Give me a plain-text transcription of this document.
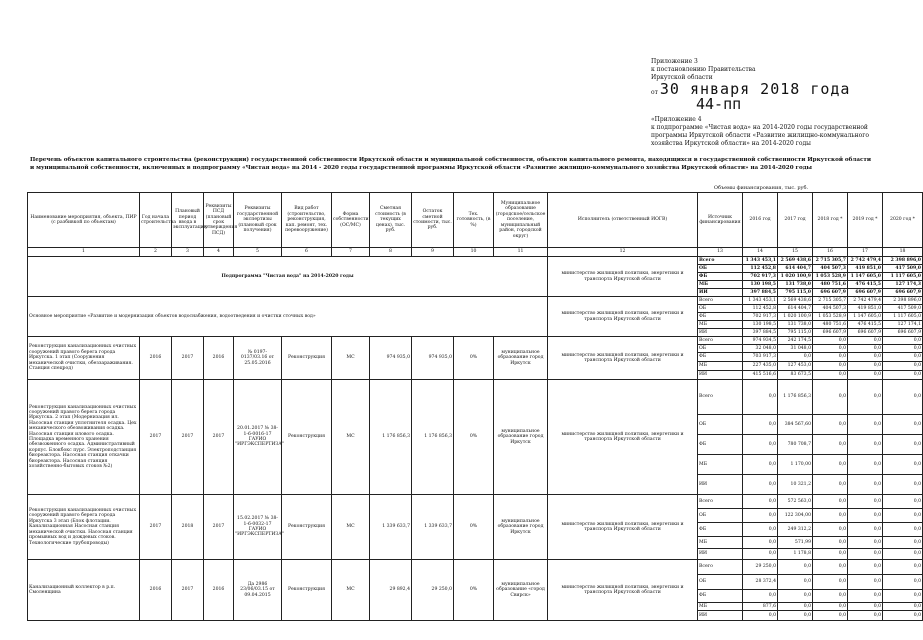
Приложение 3
к постановлению Правительства
Иркутской области
от 30 января 2018 года
44-пп
«Приложение 4
к подпрограмме «Чистая вода» на 2014-2020 годы государственной программы Иркутской области «Развитие жилищно-коммунального хозяйства Иркутской области» на 2014-2020 годы
Перечень объектов капитального строительства (реконструкции) государственной собственности Иркутской области и муниципальной собственности, объектов капитального ремонта, находящихся в государственной собственности Иркутской области и муниципальной собственности, включенных в подпрограмму «Чистая вода» на 2014 - 2020 годы государственной программы Иркутской области «Развитие жилищно-коммунального хозяйства Иркутской области» на 2014-2020 годы
Объемы финансирования, тыс. руб.
Наименование мероприятия, объекта, ПИР (с разбивкой по объектам)	Год начала строительства	Плановый период ввода в эксплуатацию	Реквизиты ПСД (плановый срок утверждения ПСД)	Реквизиты государственной экспертизы (плановый срок получения)	Вид работ (строительство, реконструкция, кап. ремонт, тех. перевооружение)	Форма собственности (ОС/МС)	Сметная стоимость (в текущих ценах), тыс. руб.	Остаток сметной стоимости, тыс. руб.	Тех. готовность, (в %)	Муниципальное образование (городское/сельское поселение, муниципальный район, городской округ)	Исполнитель (ответственный ИОГВ)	Источник финансирования	2016 год	2017 год	2018 год *	2019 год *	2020 год *
1	2	3	4	5	6	7	8	9	10	11	12	13	14	15	16	17	18
Подпрограмма "Чистая вода" на 2014-2020 годы											министерство жилищной политики, энергетики и транспорта Иркутской области	Всего	1 343 453,1	2 569 438,6	2 715 305,7	2 742 479,4	2 398 896,0
												ОБ	112 452,8	614 404,7	404 507,3	419 851,0	417 509,0
												ФБ	702 917,3	1 020 100,9	1 053 528,9	1 147 605,0	1 117 605,0
												МБ	130 198,5	131 738,0	480 751,6	476 415,5	127 174,3
												ИИ	397 884,5	795 115,0	696 607,9	696 607,9	696 607,9
Основное мероприятие «Развитие и модернизация объектов водоснабжения, водоотведения и очистки сточных вод»											министерство жилищной политики, энергетики и транспорта Иркутской области	Всего	1 343 453,1	2 569 438,6	2 715 305,7	2 742 479,4	2 398 896,0
												ОБ	112 452,8	614 404,7	404 507,3	419 851,0	417 509,0
												ФБ	702 917,3	1 020 100,9	1 053 528,9	1 147 605,0	1 117 605,0
												МБ	130 198,5	131 738,0	480 751,6	476 415,5	127 174,1
												ИИ	397 884,5	795 115,0	696 607,9	696 607,9	696 607,9
Реконструкция канализационных очистных сооружений правого берега города Иркутска. 1 этап (Сооружения механической очистки, обеззараживания. Станция спецрод)	2016	2017	2016	№ 0197-0137/03.16 от 25.05.2016	Реконструкция	МС	974 935,0	974 935,0	0%	муниципальное образование город Иркутск	министерство жилищной политики, энергетики и транспорта Иркутской области	Всего	974 934,5	242 174,5	0,0	0,0	0,0
												ОБ	32 048,0	31 048,0	0,0	0,0	0,0
												ФБ	703 917,3	0,0	0,0	0,0	0,0
												МБ	227 435,0	127 453,0	0,0	0,0	0,0
												ИИ	415 516,6	83 673,5	0,0	0,0	0,0
Реконструкция канализационных очистных сооружений правого берега города Иркутска. 2 этап (Модернизация ил. Насосная станция уплотнителя осадка. Цех механического обезвоживания осадка. Насосная станция илового осадка. Площадка временного хранения обезвоженного осадка. Административный корпус. Блокбокс пурс. Электроподстанция биореактора. Насосная станция откачки биореактора. Насосная станция хозяйственно-бытовых стоков №2)	2017	2017	2017	20.01.2017 № 38-1-6-0016-17 ГАУИО "ИРГЭКСПЕРТИЗА"	Реконструкция	МС	1 176 856,3	1 176 856,3	0%	муниципальное образование город Иркутск	министерство жилищной политики, энергетики и транспорта Иркутской области	Всего	0,0	1 176 856,3	0,0	0,0	0,0
												ОБ	0,0	384 567,60	0,0	0,0	0,0
												ФБ	0,0	780 708,7	0,0	0,0	0,0
												МБ	0,0	1 170,00	0,0	0,0	0,0
												ИИ	0,0	10 321,2	0,0	0,0	0,0
Реконструкция канализационных очистных сооружений правого берега города Иркутска 3 этап (Блок флотации. Канализационная Насосная станция механической очистки. Насосная станция промывных вод и дождевых стоков. Технологические трубопроводы)	2017	2018	2017	15.02.2017 № 38-1-6-0032-17 ГАУИО "ИРГЭКСПЕРТИЗА"	Реконструкция	МС	1 339 633,7	1 339 633,7	0%	муниципальное образование город Иркутск	министерство жилищной политики, энергетики и транспорта Иркутской области	Всего	0,0	572 563,0	0,0	0,0	0,0
												ОБ	0,0	122 304,00	0,0	0,0	0,0
												ФБ	0,0	249 312,2	0,0	0,0	0,0
												МБ	0,0	571,99	0,0	0,0	0,0
												ИИ	0,0	1 178,8	0,0	0,0	0,0
Канализационный коллектор в р.п. Смоленщина	2016	2017	2016	Да 2986 23/06/03.15 от 09.04.2015	Реконструкция	МС	29 892,4	29 250,0	0%	муниципальное образование «город Свирск»	министерство жилищной политики, энергетики и транспорта Иркутской области	Всего	29 250,0	0,0	0,0	0,0	0,0
												ОБ	28 372,4	0,0	0,0	0,0	0,0
												ФБ	0,0	0,0	0,0	0,0	0,0
												МБ	877,6	0,0	0,0	0,0	0,0
												ИИ	0,0	0,0	0,0	0,0	0,0
